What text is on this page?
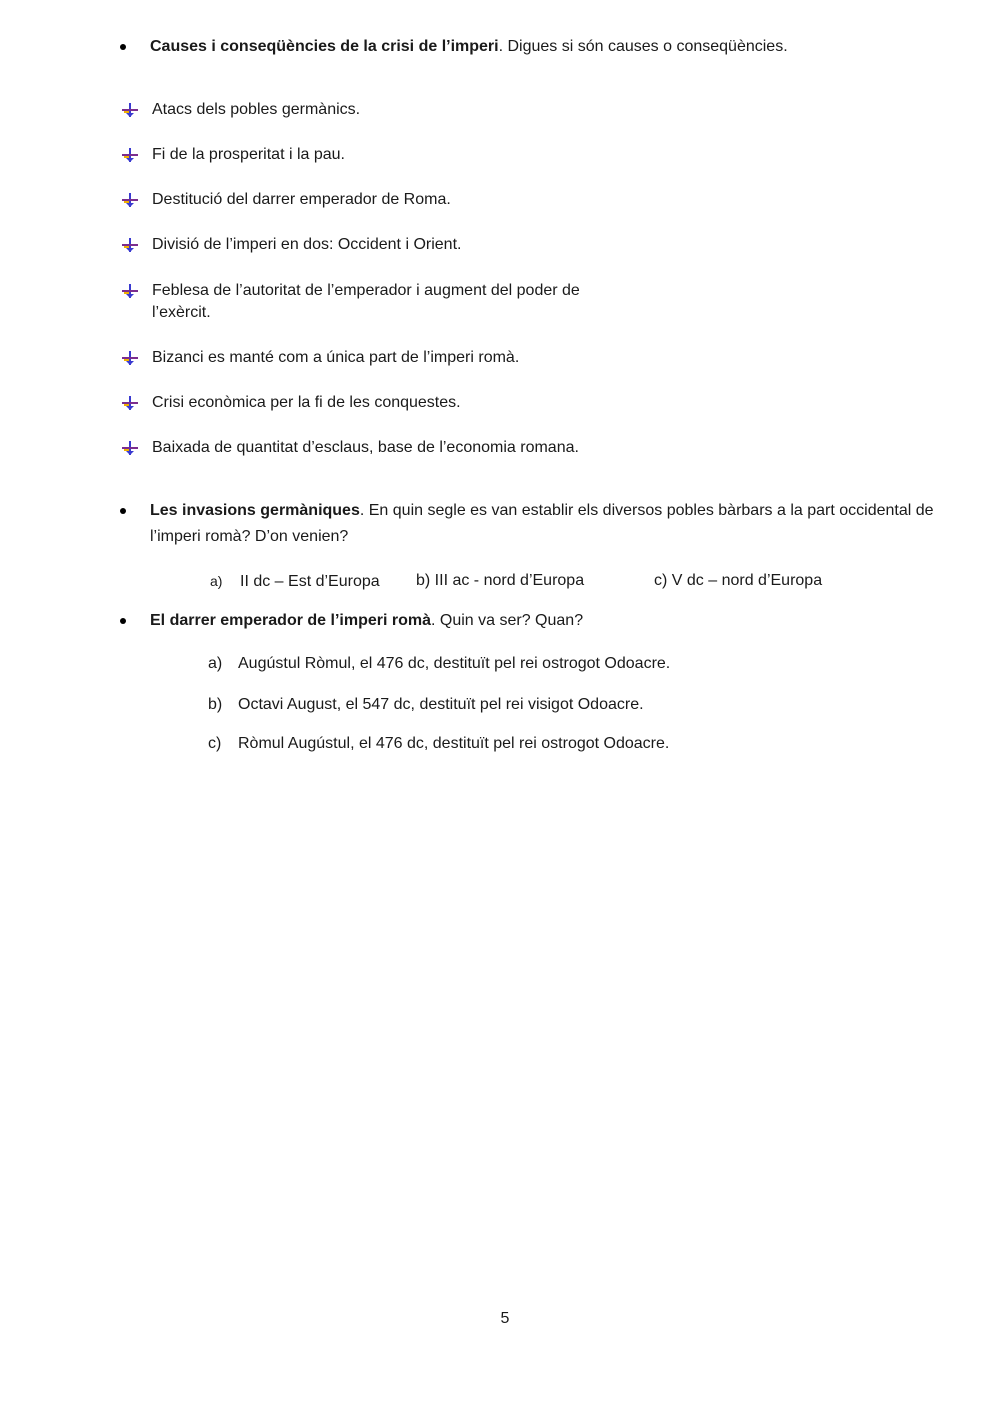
Causes i conseqüències de la crisi de l’imperi. Digues si són causes o conseqüències.
Atacs dels pobles germànics.
Fi de la prosperitat i la pau.
Destitució del darrer emperador de Roma.
Divisió de l’imperi en dos: Occident i Orient.
Feblesa de l’autoritat de l’emperador i augment del poder de l’exèrcit.
Bizanci es manté com a única part de l’imperi romà.
Crisi econòmica per la fi de les conquestes.
Baixada de quantitat d’esclaus, base de l’economia romana.
Les invasions germàniques. En quin segle es van establir els diversos pobles bàrbars a la part occidental de l’imperi romà? D’on venien?
a) II dc – Est d’Europa b) III ac - nord d’Europa	c) V dc – nord d’Europa
El darrer emperador de l’imperi romà. Quin va ser? Quan?
a) Augústul Ròmul, el 476 dc, destituït pel rei ostrogot Odoacre.
b) Octavi August, el 547 dc, destituït pel rei visigot Odoacre.
c) Ròmul Augústul, el 476 dc, destituït pel rei ostrogot Odoacre.
5
